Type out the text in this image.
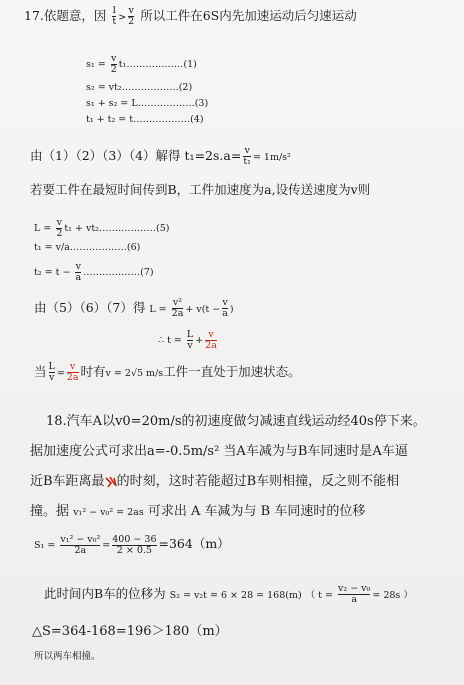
17.依题意，因 $\frac{l}{t} > \frac{v}{2}$ 所以工件在6S内先加速运动后匀速运动
$s_1 = \frac{v}{2}$ t₁………………(1)
s₂ = vt₂………………(2)
s₁ + s₂ = L………………(3)
t₁ + t₂ = t………………(4)
由（1）（2）（3）（4）解得 $t_1=2s.a= \frac{v}{\text{t₁}} = 1m/s^2$
若要工件在最短时间传到B，工件加速度为a,设传送速度为v则
$L = \frac{v}{2} t_1$ + vt₂………………(5)
t₁ = v/a………………(6)
$t_2 = t - \frac{v}{a}$ ………………(7)
由（5）（6）（7）得 $L = \frac{\text{v²}}{2a} + v(t - \frac{v}{a}$ )
∴ $t = \frac{L}{v} + \frac{v}{2a}$
当 $\frac{L}{v} = \frac{v}{2a}$ 时有v = 2√5 m/s工件一直处于加速状态。
18.汽车A以v0=20m/s的初速度做匀减速直线运动经40s停下来。
据加速度公式可求出a=-0.5m/s² 当A车减为与B车同速时是A车逼
近B车距离最 的时刻，这时若能超过B车则相撞，反之则不能相
撞。据 v₁² − v₀² = 2as 可求出 A 车减为与 B 车同速时的位移
$S_1 = \frac{\text{v₁² − v₀²}}{2a} = \frac{400 - 36}{2 \times 0.5} =364(m)$
此时间内B车的位移为 S₂ = v₂t = 6 × 28 = 168(m) （ $t = \frac{\text{v₂ − v₀}}{a} = 28s$ ）
△S=364-168=196＞180（m）
所以两车相撞。
